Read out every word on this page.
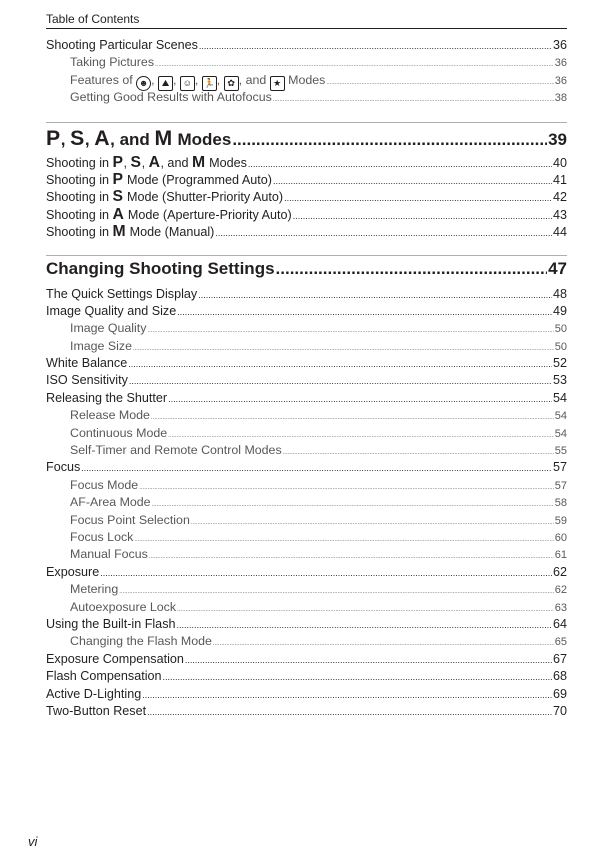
Table of Contents
Shooting Particular Scenes .....	36
Taking Pictures .....	36
Features of ☻ , ⛰ , ☺ , 🏃 , ✿ , and ★ Modes .....	36
Getting Good Results with Autofocus .....	38
P, S, A, and M Modes .....	39
Shooting in P, S, A, and M Modes .....	40
Shooting in P Mode (Programmed Auto) .....	41
Shooting in S Mode (Shutter-Priority Auto) .....	42
Shooting in A Mode (Aperture-Priority Auto) .....	43
Shooting in M Mode (Manual) .....	44
Changing Shooting Settings .....	47
The Quick Settings Display .....	48
Image Quality and Size .....	49
Image Quality .....	50
Image Size .....	50
White Balance .....	52
ISO Sensitivity .....	53
Releasing the Shutter .....	54
Release Mode .....	54
Continuous Mode .....	54
Self-Timer and Remote Control Modes .....	55
Focus .....	57
Focus Mode .....	57
AF-Area Mode .....	58
Focus Point Selection .....	59
Focus Lock .....	60
Manual Focus .....	61
Exposure .....	62
Metering .....	62
Autoexposure Lock .....	63
Using the Built-in Flash .....	64
Changing the Flash Mode .....	65
Exposure Compensation .....	67
Flash Compensation .....	68
Active D-Lighting .....	69
Two-Button Reset .....	70
vi
